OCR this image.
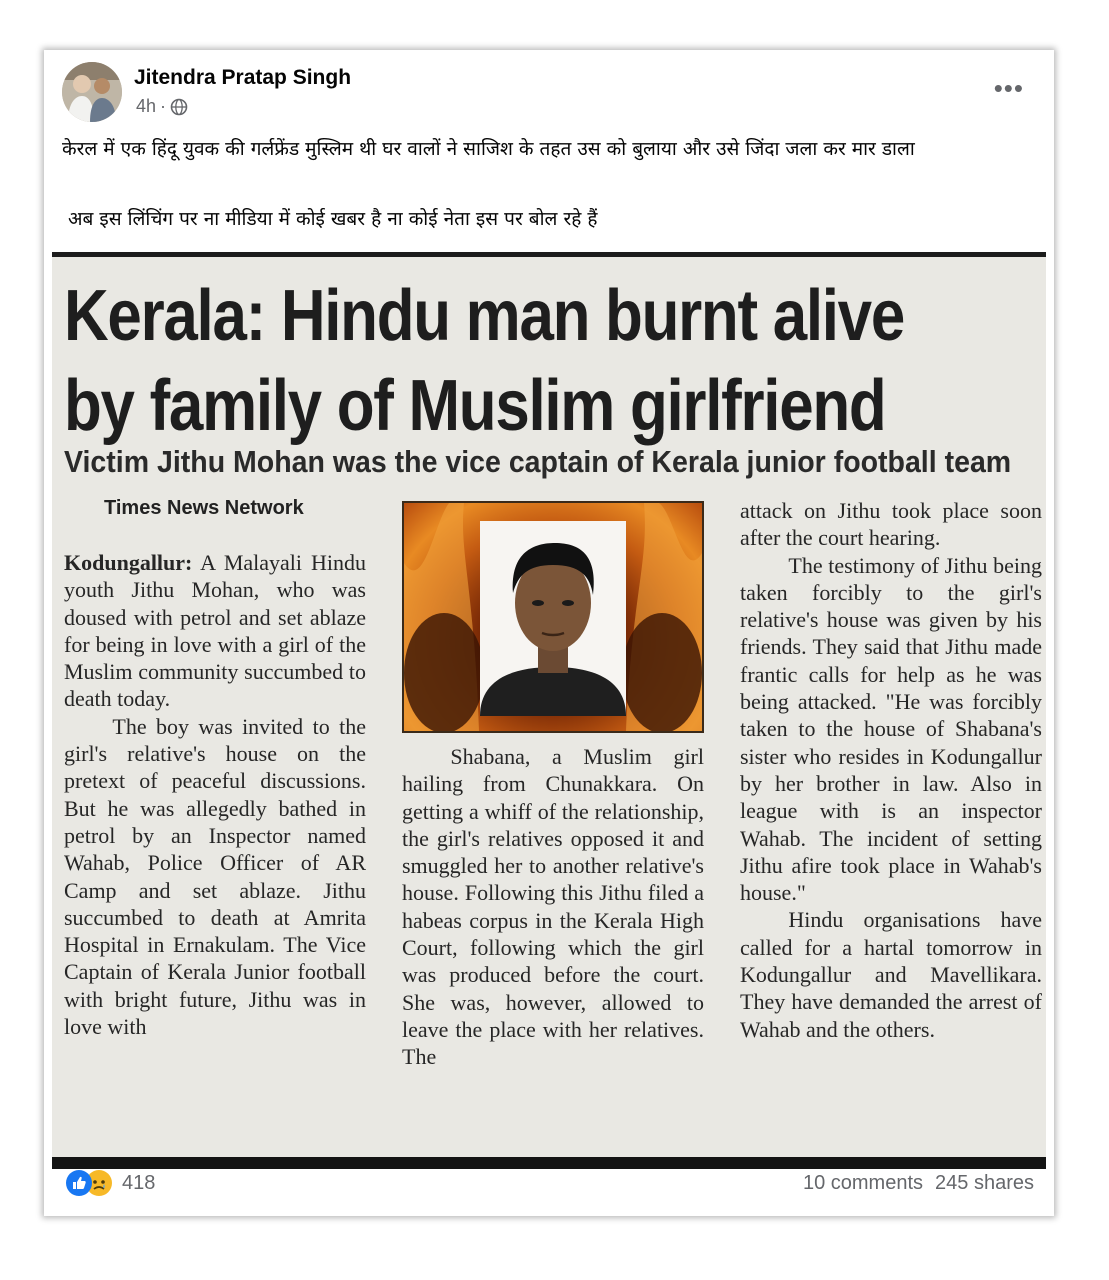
Jitendra Pratap Singh
4h ·
•••
केरल में एक हिंदू युवक की गर्लफ्रेंड मुस्लिम थी घर वालों ने साजिश के तहत उस को बुलाया और उसे जिंदा जला कर मार डाला
अब इस लिंचिंग पर ना मीडिया में कोई खबर है ना कोई नेता इस पर बोल रहे हैं
Kerala: Hindu man burnt alive
by family of Muslim girlfriend
Victim Jithu Mohan was the vice captain of Kerala junior football team
Times News Network

Kodungallur: A Malayali Hindu youth Jithu Mohan, who was doused with petrol and set ablaze for being in love with a girl of the Muslim community succumbed to death today.

The boy was invited to the girl's relative's house on the pretext of peaceful discussions. But he was allegedly bathed in petrol by an Inspector named Wahab, Police Officer of AR Camp and set ablaze. Jithu succumbed to death at Amrita Hospital in Ernakulam. The Vice Captain of Kerala Junior football with bright future, Jithu was in love with

Shabana, a Muslim girl hailing from Chunakkara. On getting a whiff of the relationship, the girl's relatives opposed it and smuggled her to another relative's house. Following this Jithu filed a habeas corpus in the Kerala High Court, following which the girl was produced before the court. She was, however, allowed to leave the place with her relatives. The

attack on Jithu took place soon after the court hearing.

The testimony of Jithu being taken forcibly to the girl's relative's house was given by his friends. They said that Jithu made frantic calls for help as he was being attacked. "He was forcibly taken to the house of Shabana's sister who resides in Kodungallur by her brother in law. Also in league with is an inspector Wahab. The incident of setting Jithu afire took place in Wahab's house."

Hindu organisations have called for a hartal tomorrow in Kodungallur and Mavellikara. They have demanded the arrest of Wahab and the others.

418	10 comments 245 shares
